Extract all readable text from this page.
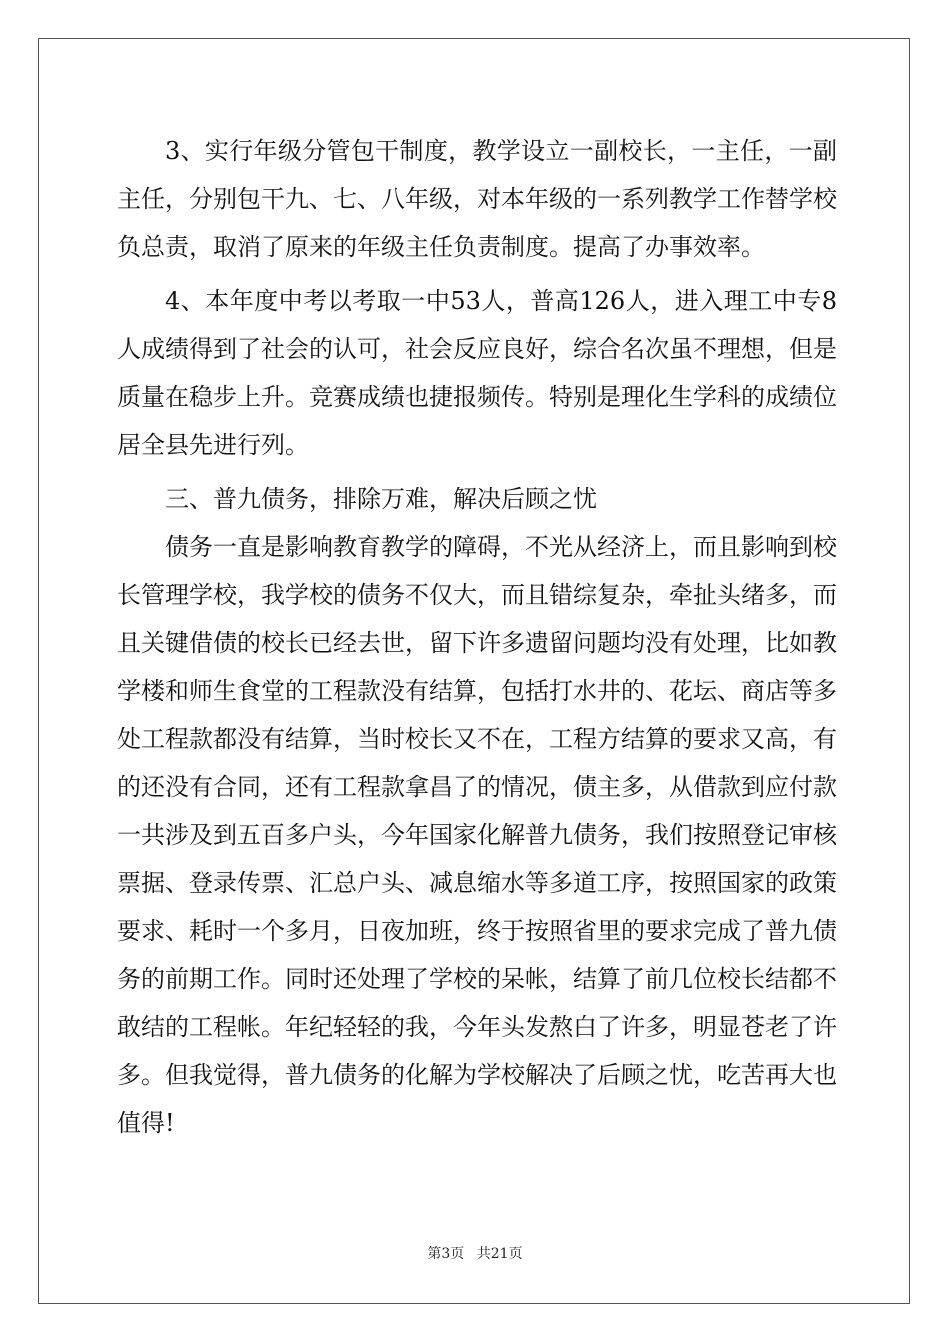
3、实行年级分管包干制度，教学设立一副校长，一主任，一副
主任，分别包干九、七、八年级，对本年级的一系列教学工作替学校
负总责，取消了原来的年级主任负责制度。提高了办事效率。
4、本年度中考以考取一中53人，普高126人，进入理工中专8
人成绩得到了社会的认可，社会反应良好，综合名次虽不理想，但是
质量在稳步上升。竞赛成绩也捷报频传。特别是理化生学科的成绩位
居全县先进行列。
三、普九债务，排除万难，解决后顾之忧
债务一直是影响教育教学的障碍，不光从经济上，而且影响到校
长管理学校，我学校的债务不仅大，而且错综复杂，牵扯头绪多，而
且关键借债的校长已经去世，留下许多遗留问题均没有处理，比如教
学楼和师生食堂的工程款没有结算，包括打水井的、花坛、商店等多
处工程款都没有结算，当时校长又不在，工程方结算的要求又高，有
的还没有合同，还有工程款拿昌了的情况，债主多，从借款到应付款
一共涉及到五百多户头，今年国家化解普九债务，我们按照登记审核
票据、登录传票、汇总户头、减息缩水等多道工序，按照国家的政策
要求、耗时一个多月，日夜加班，终于按照省里的要求完成了普九债
务的前期工作。同时还处理了学校的呆帐，结算了前几位校长结都不
敢结的工程帐。年纪轻轻的我，今年头发熬白了许多，明显苍老了许
多。但我觉得，普九债务的化解为学校解决了后顾之忧，吃苦再大也
值得!
第3页 共21页
